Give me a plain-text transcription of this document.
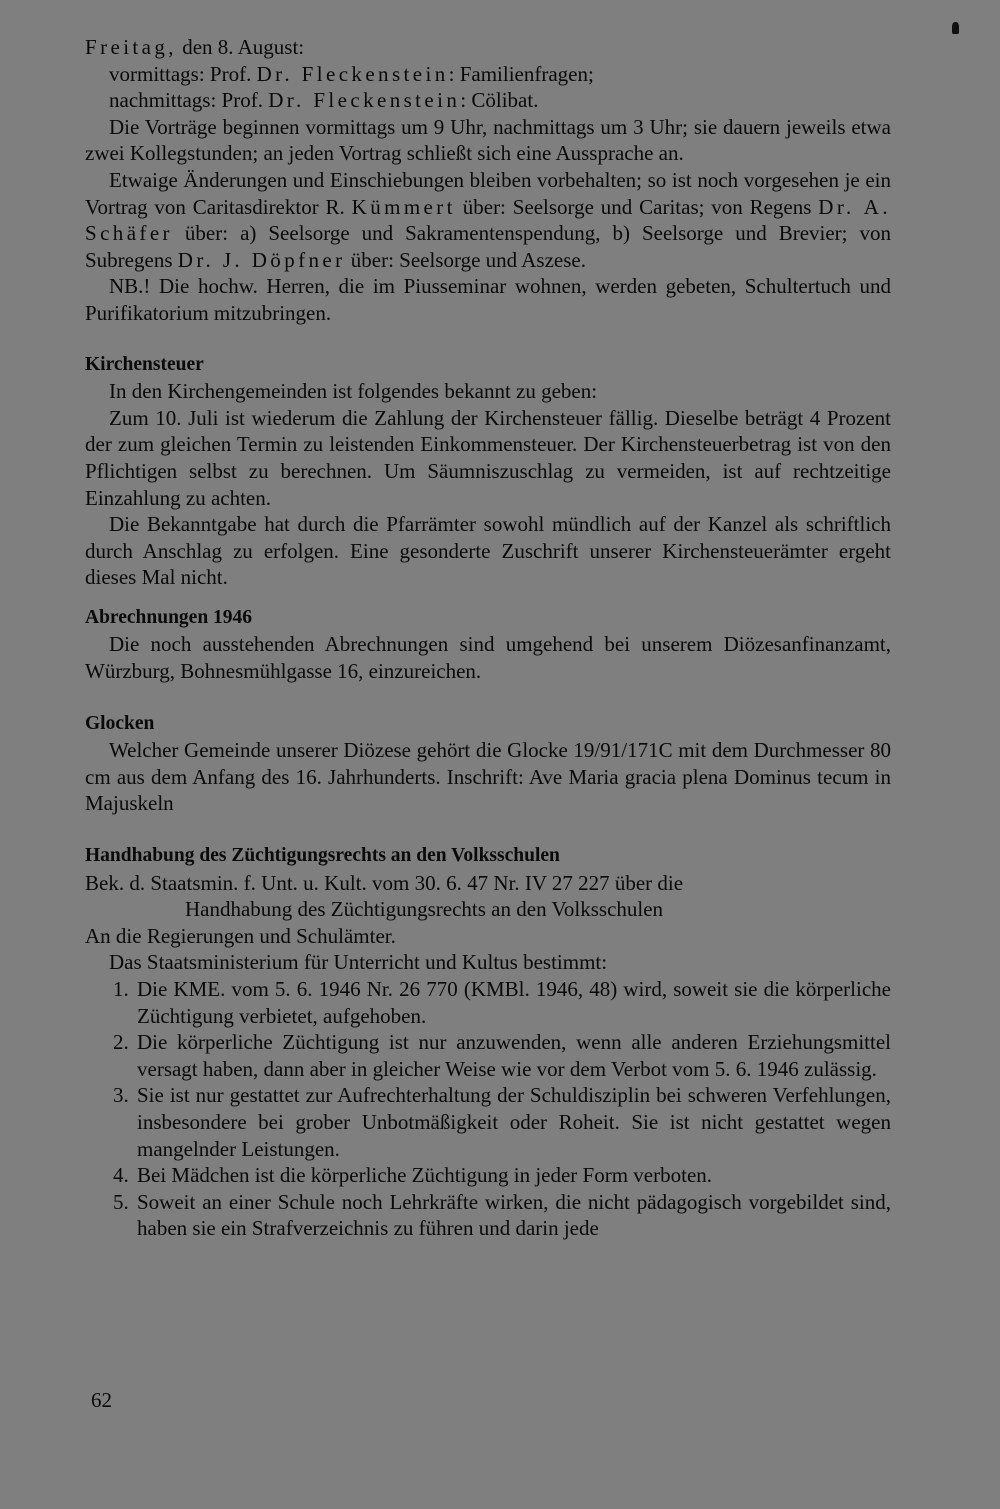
Freitag, den 8. August:

vormittags: Prof. Dr. Fleckenstein: Familienfragen;

nachmittags: Prof. Dr. Fleckenstein: Cölibat.

Die Vorträge beginnen vormittags um 9 Uhr, nachmittags um 3 Uhr; sie dauern jeweils etwa zwei Kollegstunden; an jeden Vortrag schließt sich eine Aussprache an.

Etwaige Änderungen und Einschiebungen bleiben vorbehalten; so ist noch vorgesehen je ein Vortrag von Caritasdirektor R. Kümmert über: Seelsorge und Caritas; von Regens Dr. A. Schäfer über: a) Seelsorge und Sakramentenspendung, b) Seelsorge und Brevier; von Subregens Dr. J. Döpfner über: Seelsorge und Aszese.

NB.! Die hochw. Herren, die im Piusseminar wohnen, werden gebeten, Schultertuch und Purifikatorium mitzubringen.

Kirchensteuer

In den Kirchengemeinden ist folgendes bekannt zu geben:

Zum 10. Juli ist wiederum die Zahlung der Kirchensteuer fällig. Dieselbe beträgt 4 Prozent der zum gleichen Termin zu leistenden Einkommensteuer. Der Kirchensteuerbetrag ist von den Pflichtigen selbst zu berechnen. Um Säumniszuschlag zu vermeiden, ist auf rechtzeitige Einzahlung zu achten.

Die Bekanntgabe hat durch die Pfarrämter sowohl mündlich auf der Kanzel als schriftlich durch Anschlag zu erfolgen. Eine gesonderte Zuschrift unserer Kirchensteuerämter ergeht dieses Mal nicht.

Abrechnungen 1946

Die noch ausstehenden Abrechnungen sind umgehend bei unserem Diözesanfinanzamt, Würzburg, Bohnesmühlgasse 16, einzureichen.

Glocken

Welcher Gemeinde unserer Diözese gehört die Glocke 19/91/171C mit dem Durchmesser 80 cm aus dem Anfang des 16. Jahrhunderts. Inschrift: Ave Maria gracia plena Dominus tecum in Majuskeln

Handhabung des Züchtigungsrechts an den Volksschulen

Bek. d. Staatsmin. f. Unt. u. Kult. vom 30. 6. 47 Nr. IV 27 227 über die

Handhabung des Züchtigungsrechts an den Volksschulen

An die Regierungen und Schulämter.

Das Staatsministerium für Unterricht und Kultus bestimmt:

1. Die KME. vom 5. 6. 1946 Nr. 26 770 (KMBl. 1946, 48) wird, soweit sie die körperliche Züchtigung verbietet, aufgehoben.
2. Die körperliche Züchtigung ist nur anzuwenden, wenn alle anderen Erziehungsmittel versagt haben, dann aber in gleicher Weise wie vor dem Verbot vom 5. 6. 1946 zulässig.
3. Sie ist nur gestattet zur Aufrechterhaltung der Schuldisziplin bei schweren Verfehlungen, insbesondere bei grober Unbotmäßigkeit oder Roheit. Sie ist nicht gestattet wegen mangelnder Leistungen.
4. Bei Mädchen ist die körperliche Züchtigung in jeder Form verboten.
5. Soweit an einer Schule noch Lehrkräfte wirken, die nicht pädagogisch vorgebildet sind, haben sie ein Strafverzeichnis zu führen und darin jede
62
